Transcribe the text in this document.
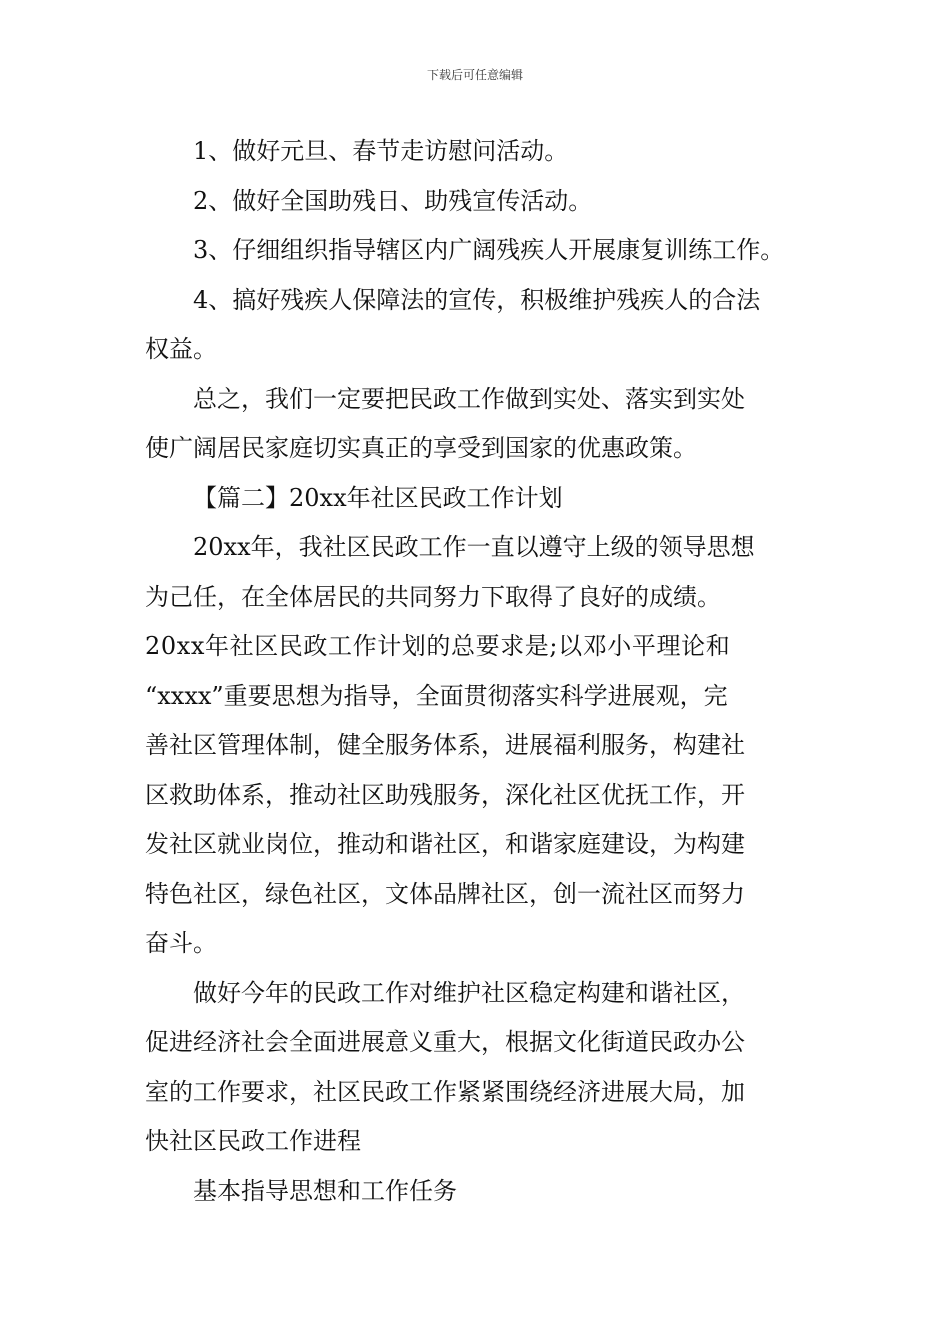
下载后可任意编辑
1、做好元旦、春节走访慰问活动。
2、做好全国助残日、助残宣传活动。
3、仔细组织指导辖区内广阔残疾人开展康复训练工作。
4、搞好残疾人保障法的宣传，积极维护残疾人的合法
权益。
总之，我们一定要把民政工作做到实处、落实到实处
使广阔居民家庭切实真正的享受到国家的优惠政策。
【篇二】20xx年社区民政工作计划
20xx年，我社区民政工作一直以遵守上级的领导思想
为己任，在全体居民的共同努力下取得了良好的成绩。
20xx年社区民政工作计划的总要求是;以邓小平理论和
“xxxx”重要思想为指导，全面贯彻落实科学进展观，完
善社区管理体制，健全服务体系，进展福利服务，构建社
区救助体系，推动社区助残服务，深化社区优抚工作，开
发社区就业岗位，推动和谐社区，和谐家庭建设，为构建
特色社区，绿色社区，文体品牌社区，创一流社区而努力
奋斗。
做好今年的民政工作对维护社区稳定构建和谐社区，
促进经济社会全面进展意义重大，根据文化街道民政办公
室的工作要求，社区民政工作紧紧围绕经济进展大局，加
快社区民政工作进程
基本指导思想和工作任务
